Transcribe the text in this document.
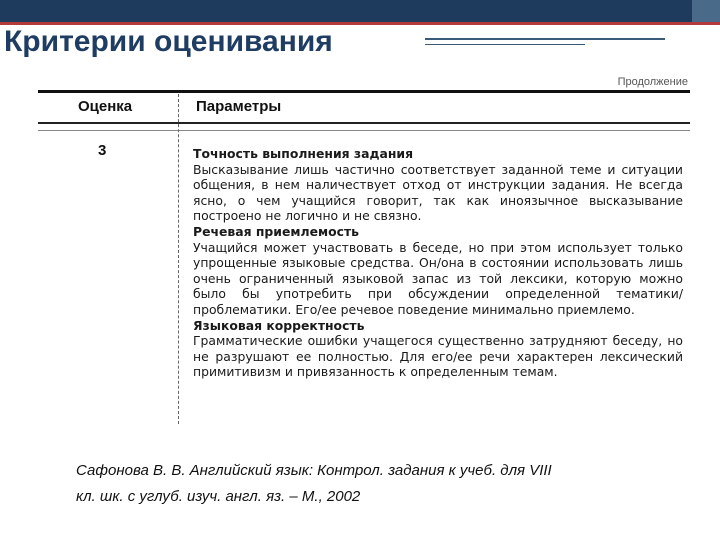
Критерии оценивания
Продолжение
Оценка	Параметры
3	Точность выполнения задания
Высказывание лишь частично соответствует заданной теме и ситуации общения, в нем наличествует отход от инструкции задания. Не всегда ясно, о чем учащийся говорит, так как иноязычное высказывание построено не логично и не связно.
Речевая приемлемость
Учащийся может участвовать в беседе, но при этом использует только упрощенные языковые средства. Он/она в состоянии использовать лишь очень ограниченный языковой запас из той лексики, которую можно было бы употребить при обсуждении определенной тематики/проблематики. Его/ее речевое поведение минимально приемлемо.
Языковая корректность
Грамматические ошибки учащегося существенно затрудняют беседу, но не разрушают ее полностью. Для его/ее речи характерен лексический примитивизм и привязанность к определенным темам.
Сафонова В. В. Английский язык: Контрол. задания к учеб. для VIII
кл. шк. с углуб. изуч. англ. яз. – М., 2002
